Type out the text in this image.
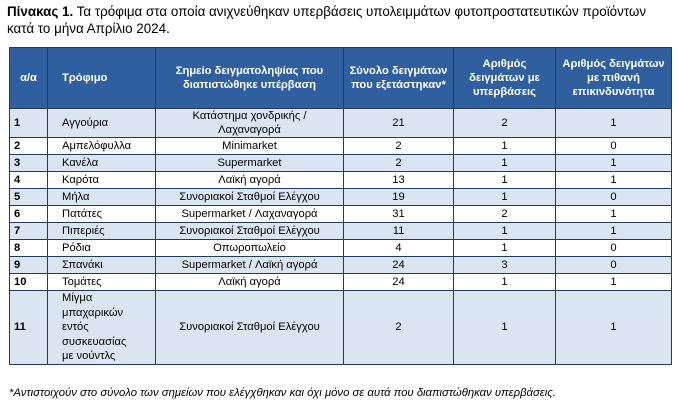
Πίνακας 1. Τα τρόφιμα στα οποία ανιχνεύθηκαν υπερβάσεις υπολειμμάτων φυτοπροστατευτικών προϊόντων κατά το μήνα Απρίλιο 2024.
α/α	Τρόφιμο	Σημείο δειγματοληψίας που διαπιστώθηκε υπέρβαση	Σύνολο δειγμάτων που εξετάστηκαν*	Αριθμός δειγμάτων με υπερβάσεις	Αριθμός δειγμάτων με πιθανή επικινδυνότητα
1	Αγγούρια	Κατάστημα χονδρικής /Λαχαναγορά	21	2	1
2	Αμπελόφυλλα	Minimarket	2	1	0
3	Κανέλα	Supermarket	2	1	1
4	Καρότα	Λαϊκή αγορά	13	1	1
5	Μήλα	Συνοριακοί Σταθμοί Ελέγχου	19	1	0
6	Πατάτες	Supermarket / Λαχαναγορά	31	2	1
7	Πιπεριές	Συνοριακοί Σταθμοί Ελέγχου	11	1	1
8	Ρόδια	Οπωροπωλείο	4	1	0
9	Σπανάκι	Supermarket / Λαϊκή αγορά	24	3	0
10	Τομάτες	Λαϊκή αγορά	24	1	1
11	Μίγμα μπαχαρικών εντός συσκευασίας με νούντλς	Συνοριακοί Σταθμοί Ελέγχου	2	1	1
*Αντιστοιχούν στο σύνολο των σημείων που ελέγχθηκαν και όχι μόνο σε αυτά που διαπιστώθηκαν υπερβάσεις.
